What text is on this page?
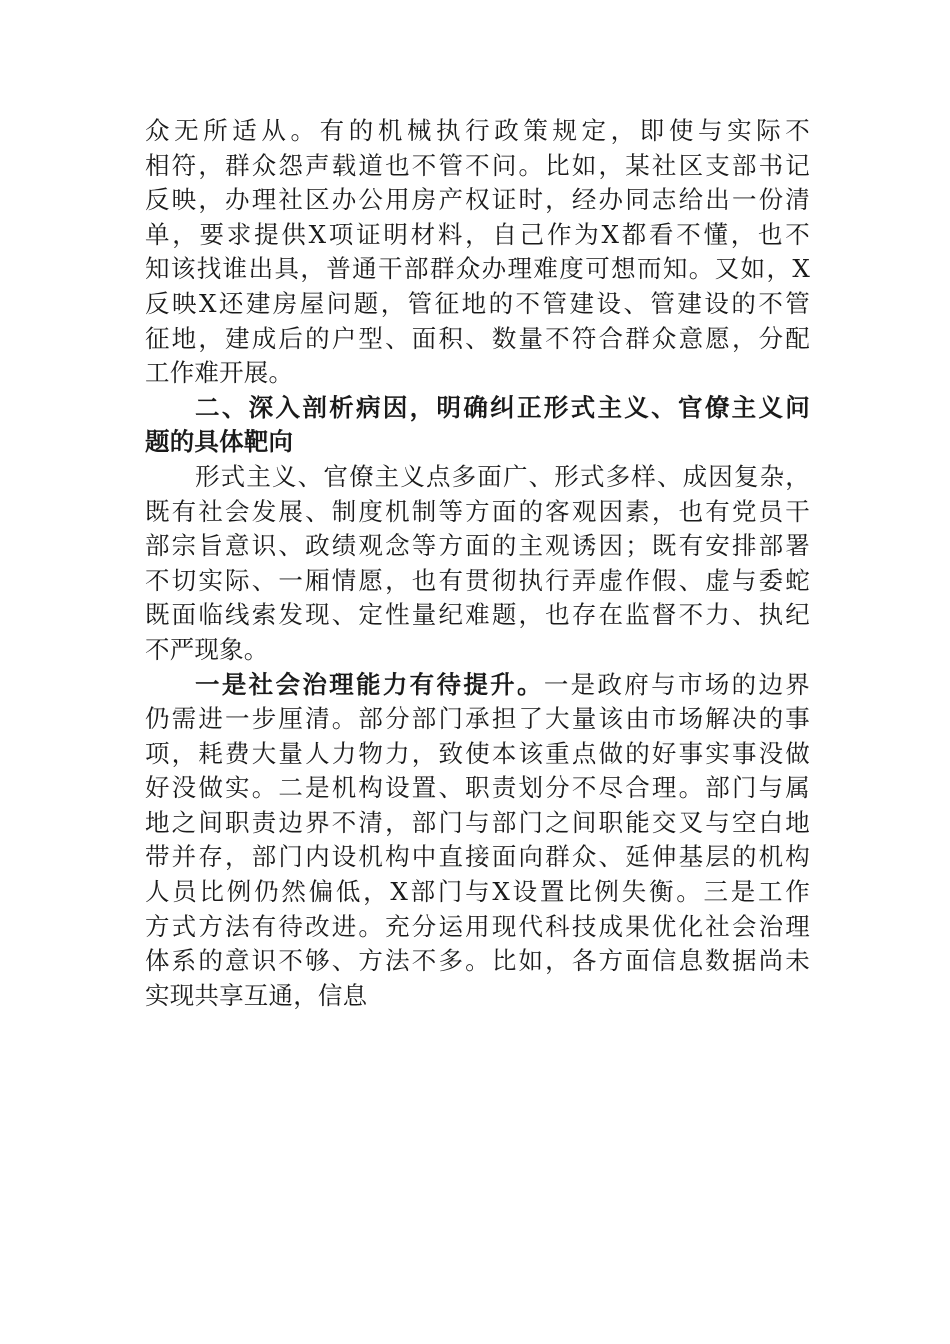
众无所适从。有的机械执行政策规定，即使与实际不
相符，群众怨声载道也不管不问。比如，某社区支部书记
反映，办理社区办公用房产权证时，经办同志给出一份清
单，要求提供X项证明材料，自己作为X都看不懂，也不
知该找谁出具，普通干部群众办理难度可想而知。又如，X
反映X还建房屋问题，管征地的不管建设、管建设的不管
征地，建成后的户型、面积、数量不符合群众意愿，分配
工作难开展。
二、深入剖析病因，明确纠正形式主义、官僚主义问
题的具体靶向
形式主义、官僚主义点多面广、形式多样、成因复杂，
既有社会发展、制度机制等方面的客观因素，也有党员干
部宗旨意识、政绩观念等方面的主观诱因；既有安排部署
不切实际、一厢情愿，也有贯彻执行弄虚作假、虚与委蛇
既面临线索发现、定性量纪难题，也存在监督不力、执纪
不严现象。
一是社会治理能力有待提升。一是政府与市场的边界
仍需进一步厘清。部分部门承担了大量该由市场解决的事
项，耗费大量人力物力，致使本该重点做的好事实事没做
好没做实。二是机构设置、职责划分不尽合理。部门与属
地之间职责边界不清，部门与部门之间职能交叉与空白地
带并存，部门内设机构中直接面向群众、延伸基层的机构
人员比例仍然偏低，X部门与X设置比例失衡。三是工作
方式方法有待改进。充分运用现代科技成果优化社会治理
体系的意识不够、方法不多。比如，各方面信息数据尚未
实现共享互通，信息
